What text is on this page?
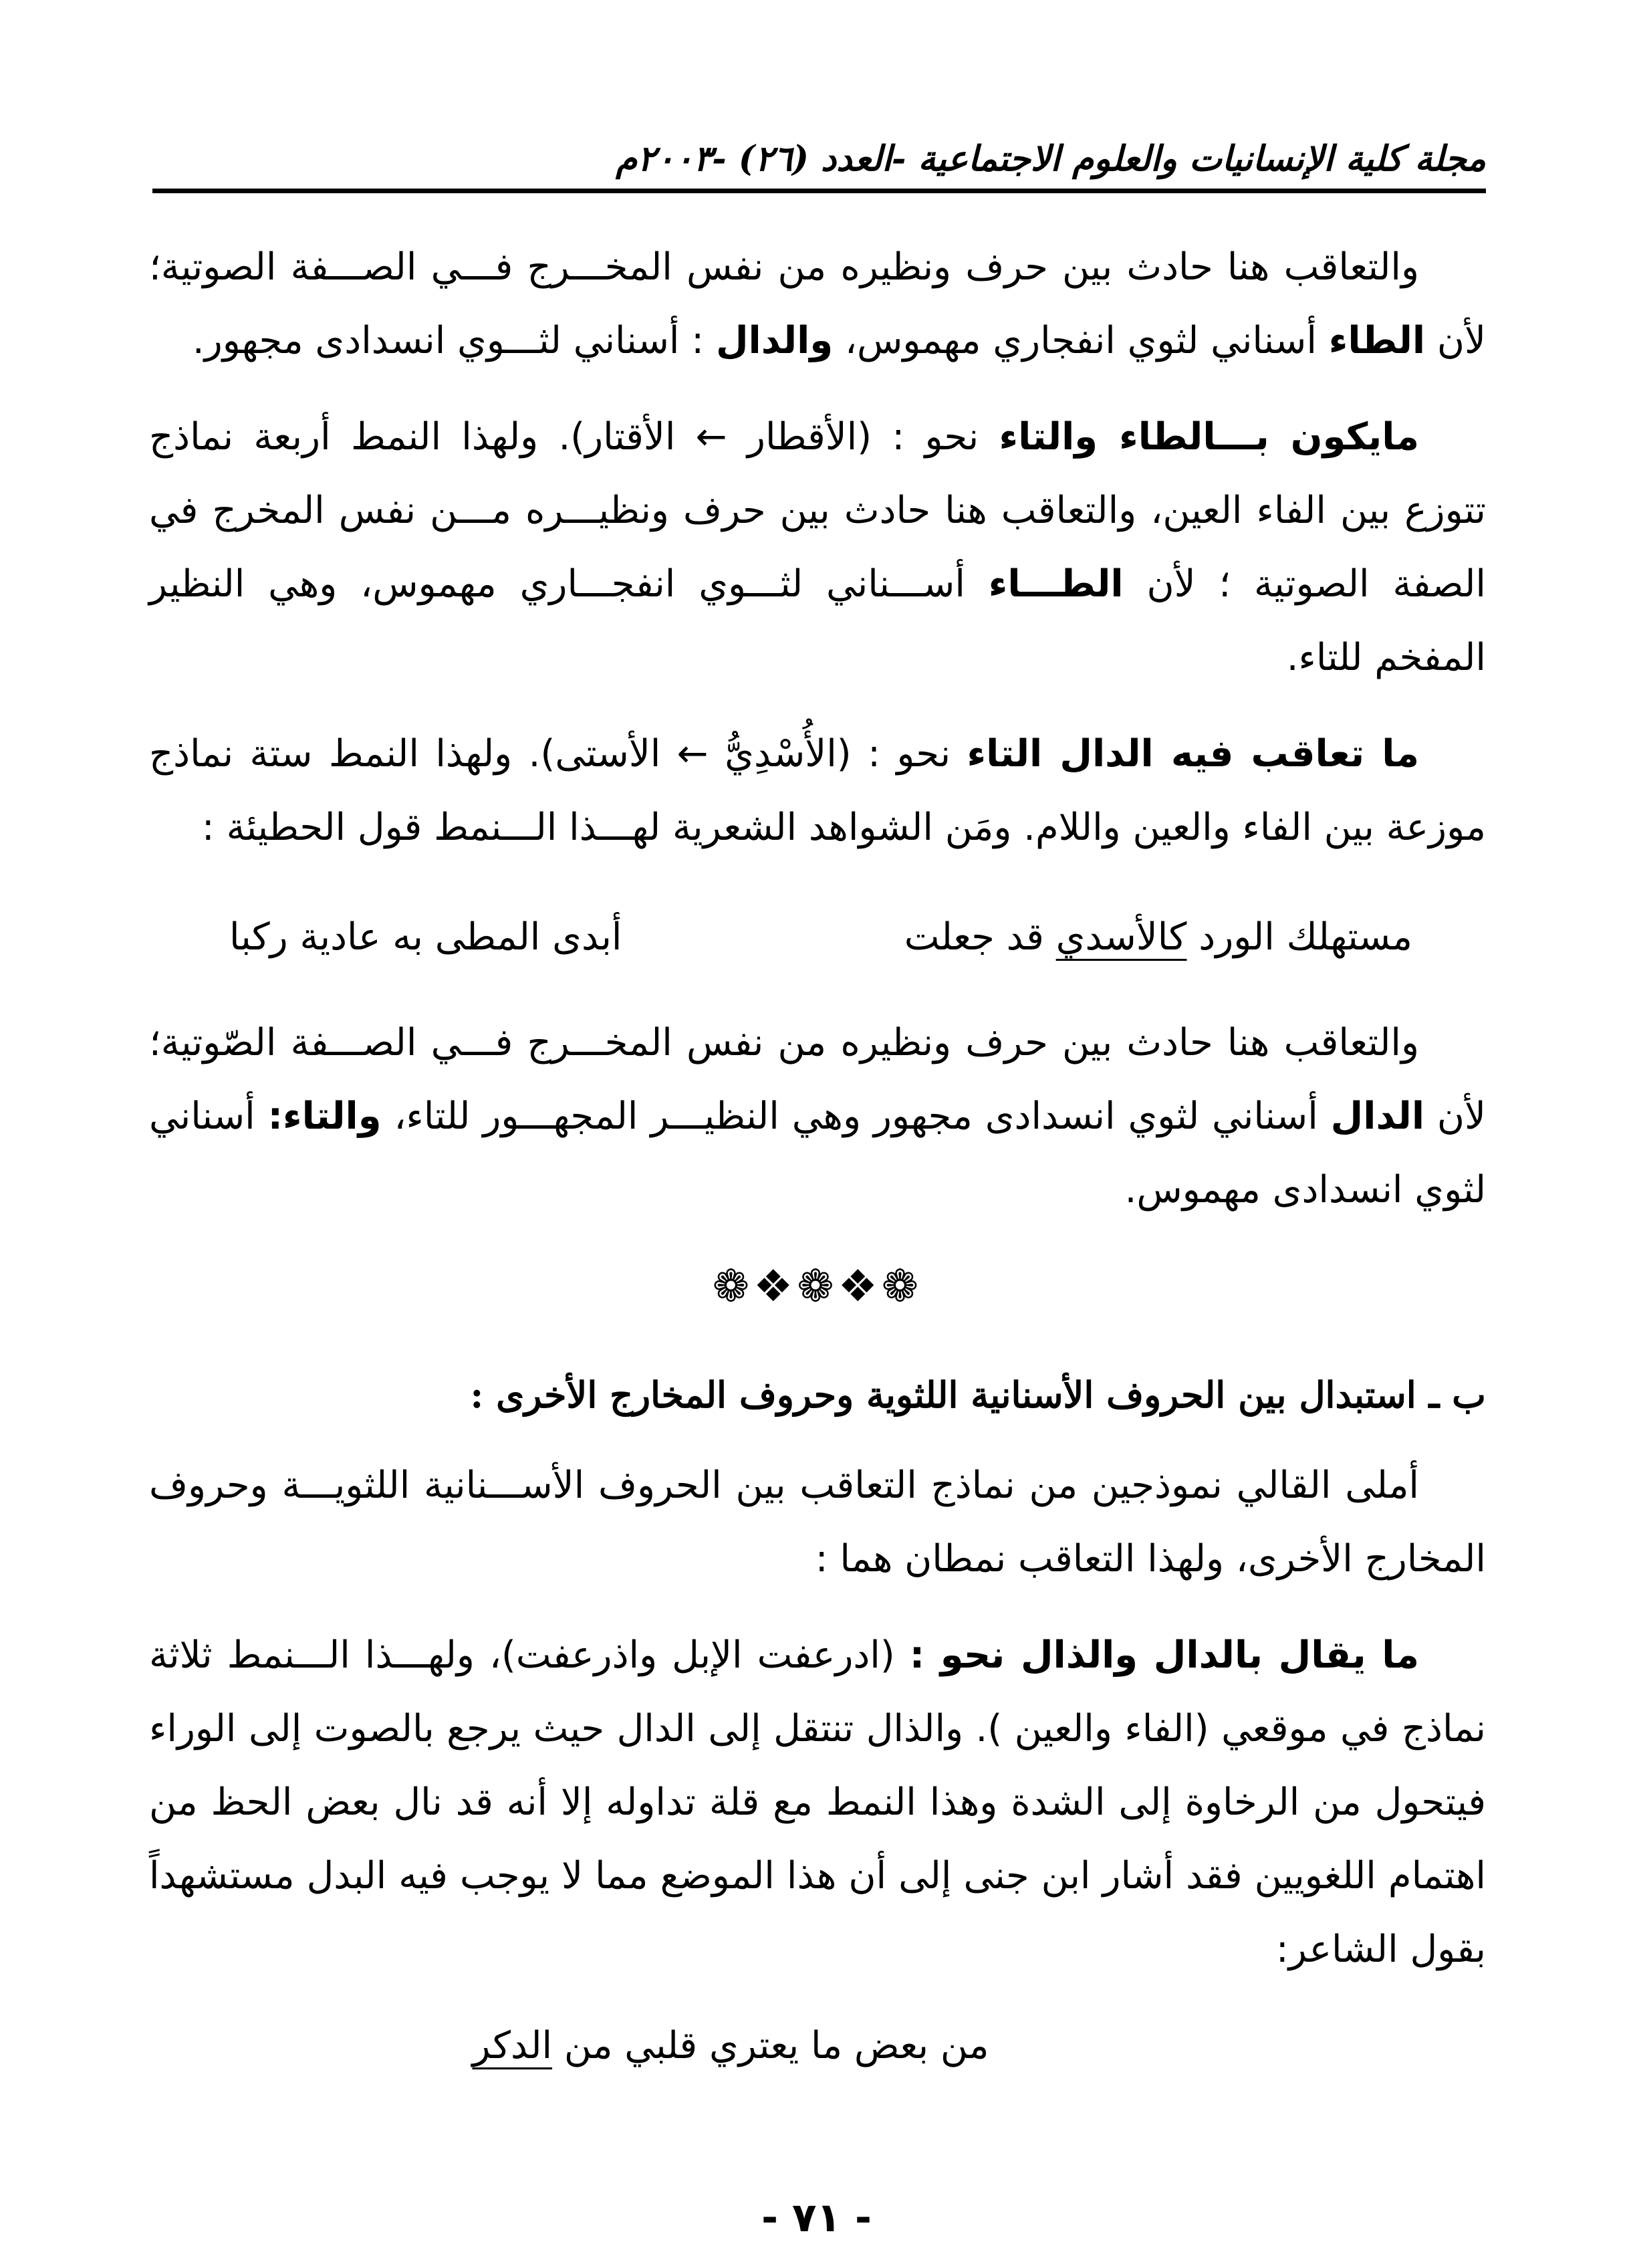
مجلة كلية الإنسانيات والعلوم الاجتماعية -العدد (٢٦) -٢٠٠٣م

والتعاقب هنا حادث بين حرف ونظيره من نفس المخـــرج فـــي الصـــفة الصوتية؛ لأن الطاء أسناني لثوي انفجاري مهموس، والدال : أسناني لثـــوي انسدادى مجهور.

مايكون بـــالطاء والتاء نحو : (الأقطار ← الأقتار). ولهذا النمط أربعة نماذج تتوزع بين الفاء العين، والتعاقب هنا حادث بين حرف ونظيـــره مـــن نفس المخرج في الصفة الصوتية ؛ لأن الطـــاء أســـناني لثـــوي انفجـــاري مهموس، وهي النظير المفخم للتاء.

ما تعاقب فيه الدال التاء نحو : (الأُسْدِيُّ ← الأستى). ولهذا النمط ستة نماذج موزعة بين الفاء والعين واللام. ومَن الشواهد الشعرية لهـــذا الـــنمط قول الحطيئة :

مستهلك الورد كالأسدي قد جعلت
أبدى المطى به عادية ركبا

والتعاقب هنا حادث بين حرف ونظيره من نفس المخـــرج فـــي الصـــفة الصّوتية؛ لأن الدال أسناني لثوي انسدادى مجهور وهي النظيـــر المجهـــور للتاء، والتاء: أسناني لثوي انسدادى مهموس.

❁❖❁❖❁

ب ـ استبدال بين الحروف الأسنانية اللثوية وحروف المخارج الأخرى :

أملى القالي نموذجين من نماذج التعاقب بين الحروف الأســـنانية اللثويـــة وحروف المخارج الأخرى، ولهذا التعاقب نمطان هما :

ما يقال بالدال والذال نحو : (ادرعفت الإبل واذرعفت)، ولهـــذا الـــنمط ثلاثة نماذج في موقعي (الفاء والعين ). والذال تنتقل إلى الدال حيث يرجع بالصوت إلى الوراء فيتحول من الرخاوة إلى الشدة وهذا النمط مع قلة تداوله إلا أنه قد نال بعض الحظ من اهتمام اللغويين فقد أشار ابن جنى إلى أن هذا الموضع مما لا يوجب فيه البدل مستشهداً بقول الشاعر:

من بعض ما يعتري قلبي من الدكر
- ٧١ -
